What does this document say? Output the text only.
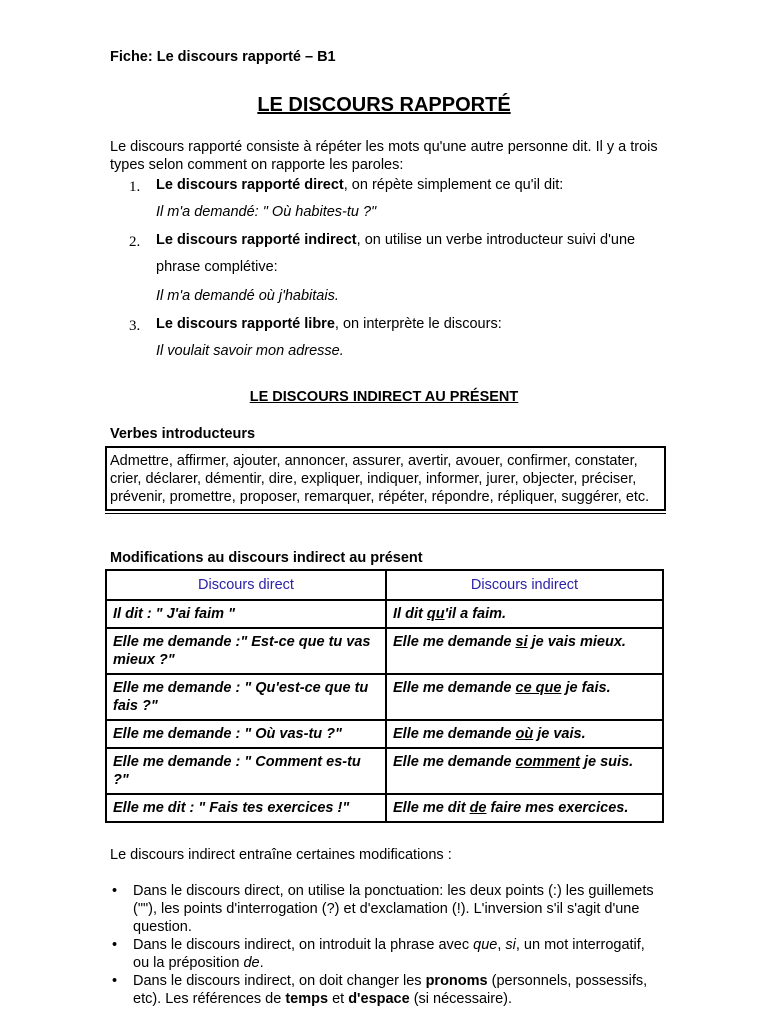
Fiche: Le discours rapporté – B1
LE DISCOURS RAPPORTÉ
Le discours rapporté consiste à répéter les mots qu'une autre personne dit. Il y a trois types selon comment on rapporte les paroles:
1. Le discours rapporté direct, on répète simplement ce qu'il dit:
Il m'a demandé: " Où habites-tu ?"
2. Le discours rapporté indirect, on utilise un verbe introducteur suivi d'une phrase complétive:
Il m'a demandé où j'habitais.
3. Le discours rapporté libre, on interprète le discours:
Il voulait savoir mon adresse.
LE DISCOURS INDIRECT AU PRÉSENT
Verbes introducteurs
Admettre, affirmer, ajouter, annoncer, assurer, avertir, avouer, confirmer, constater, crier, déclarer, démentir, dire, expliquer, indiquer, informer, jurer, objecter, préciser, prévenir, promettre, proposer, remarquer, répéter, répondre, répliquer, suggérer, etc.
Modifications au discours indirect au présent
Discours direct	Discours indirect
Il dit : " J'ai faim "	Il dit qu'il a faim.
Elle me demande :" Est-ce que tu vas mieux ?"	Elle me demande si je vais mieux.
Elle me demande : " Qu'est-ce que tu fais ?"	Elle me demande ce que je fais.
Elle me demande : " Où vas-tu ?"	Elle me demande où je vais.
Elle me demande : " Comment es-tu ?"	Elle me demande comment je suis.
Elle me dit : " Fais tes exercices !"	Elle me dit de faire mes exercices.
Le discours indirect entraîne certaines modifications :
• Dans le discours direct, on utilise la ponctuation: les deux points (:) les guillemets (""), les points d'interrogation (?) et d'exclamation (!). L'inversion s'il s'agit d'une question.
• Dans le discours indirect, on introduit la phrase avec que, si, un mot interrogatif, ou la préposition de.
• Dans le discours indirect, on doit changer les pronoms (personnels, possessifs, etc). Les références de temps et d'espace (si nécessaire).
